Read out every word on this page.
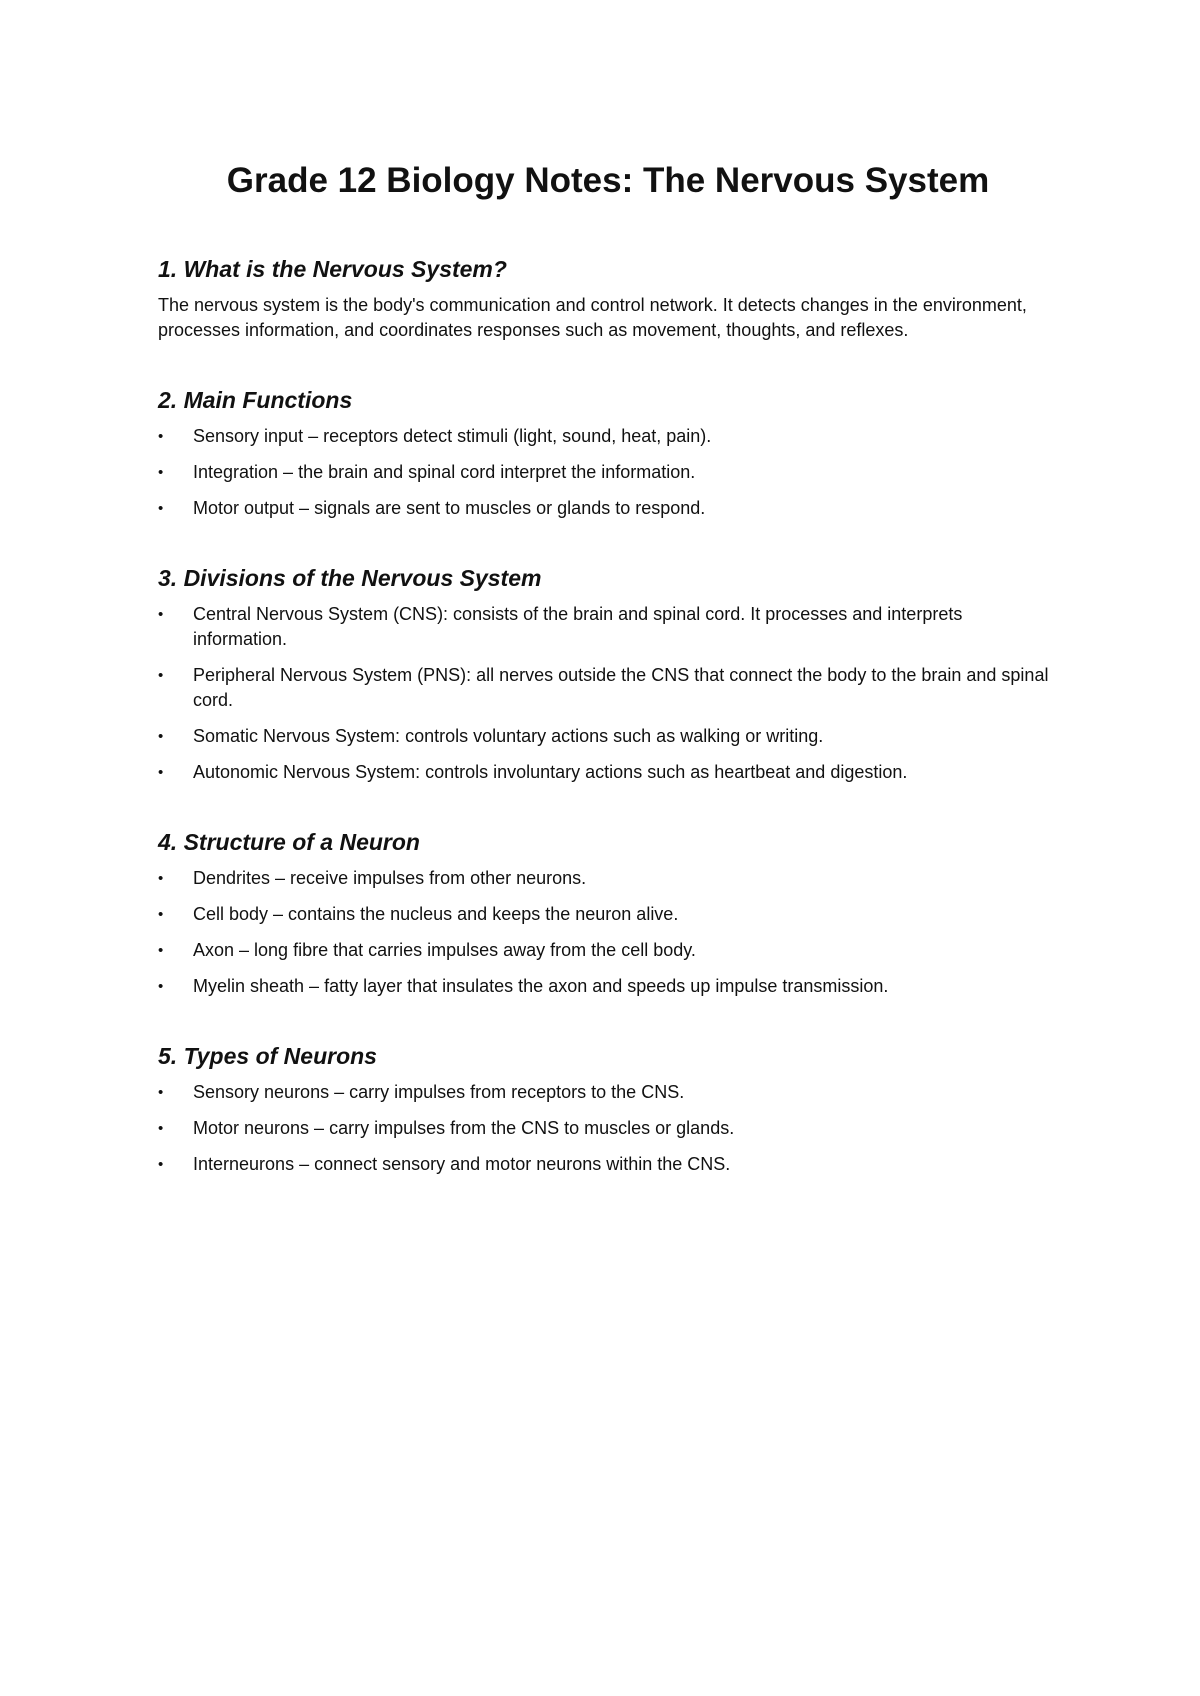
Grade 12 Biology Notes: The Nervous System
1. What is the Nervous System?

The nervous system is the body's communication and control network. It detects changes in the environment, processes information, and coordinates responses such as movement, thoughts, and reflexes.

2. Main Functions
•	Sensory input – receptors detect stimuli (light, sound, heat, pain).
•	Integration – the brain and spinal cord interpret the information.
•	Motor output – signals are sent to muscles or glands to respond.
3. Divisions of the Nervous System
•	Central Nervous System (CNS): consists of the brain and spinal cord. It processes and interprets information.
•	Peripheral Nervous System (PNS): all nerves outside the CNS that connect the body to the brain and spinal cord.
•	Somatic Nervous System: controls voluntary actions such as walking or writing.
•	Autonomic Nervous System: controls involuntary actions such as heartbeat and digestion.
4. Structure of a Neuron
•	Dendrites – receive impulses from other neurons.
•	Cell body – contains the nucleus and keeps the neuron alive.
•	Axon – long fibre that carries impulses away from the cell body.
•	Myelin sheath – fatty layer that insulates the axon and speeds up impulse transmission.
5. Types of Neurons
•	Sensory neurons – carry impulses from receptors to the CNS.
•	Motor neurons – carry impulses from the CNS to muscles or glands.
•	Interneurons – connect sensory and motor neurons within the CNS.
